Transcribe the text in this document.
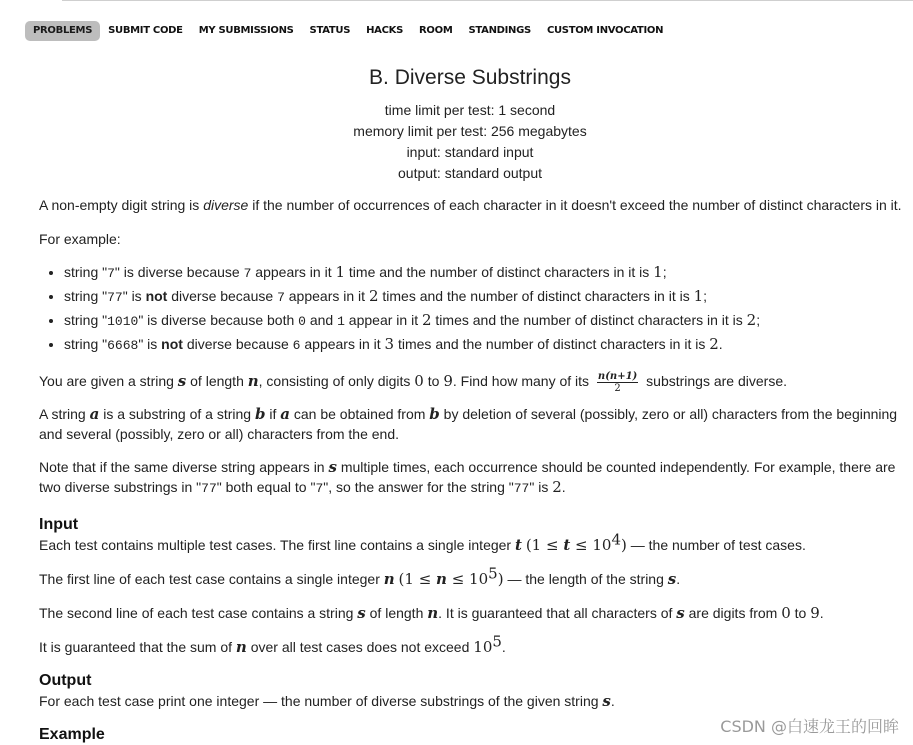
PROBLEMS	SUBMIT CODE	MY SUBMISSIONS	STATUS	HACKS	ROOM	STANDINGS	CUSTOM INVOCATION
B. Diverse Substrings
time limit per test: 1 second
memory limit per test: 256 megabytes
input: standard input
output: standard output

A non-empty digit string is diverse if the number of occurrences of each character in it doesn't exceed the number of distinct characters in it.

For example:

• string "7" is diverse because 7 appears in it 1 time and the number of distinct characters in it is 1;
• string "77" is not diverse because 7 appears in it 2 times and the number of distinct characters in it is 1;
• string "1010" is diverse because both 0 and 1 appear in it 2 times and the number of distinct characters in it is 2;
• string "6668" is not diverse because 6 appears in it 3 times and the number of distinct characters in it is 2.

You are given a string s of length n, consisting of only digits 0 to 9. Find how many of its $\frac{n(n+1)}{2}$ substrings are diverse.

A string a is a substring of a string b if a can be obtained from b by deletion of several (possibly, zero or all) characters from the beginning and several (possibly, zero or all) characters from the end.

Note that if the same diverse string appears in s multiple times, each occurrence should be counted independently. For example, there are two diverse substrings in "77" both equal to "7", so the answer for the string "77" is 2.

Input

Each test contains multiple test cases. The first line contains a single integer t $(1 \le t \le 10^4)$ — the number of test cases.

The first line of each test case contains a single integer n $(1 \le n \le 10^5)$ — the length of the string s.

The second line of each test case contains a string s of length n. It is guaranteed that all characters of s are digits from 0 to 9.

It is guaranteed that the sum of n over all test cases does not exceed $10^5$.

Output

For each test case print one integer — the number of diverse substrings of the given string s.

Example	CSDN @白速龙王的回眸
